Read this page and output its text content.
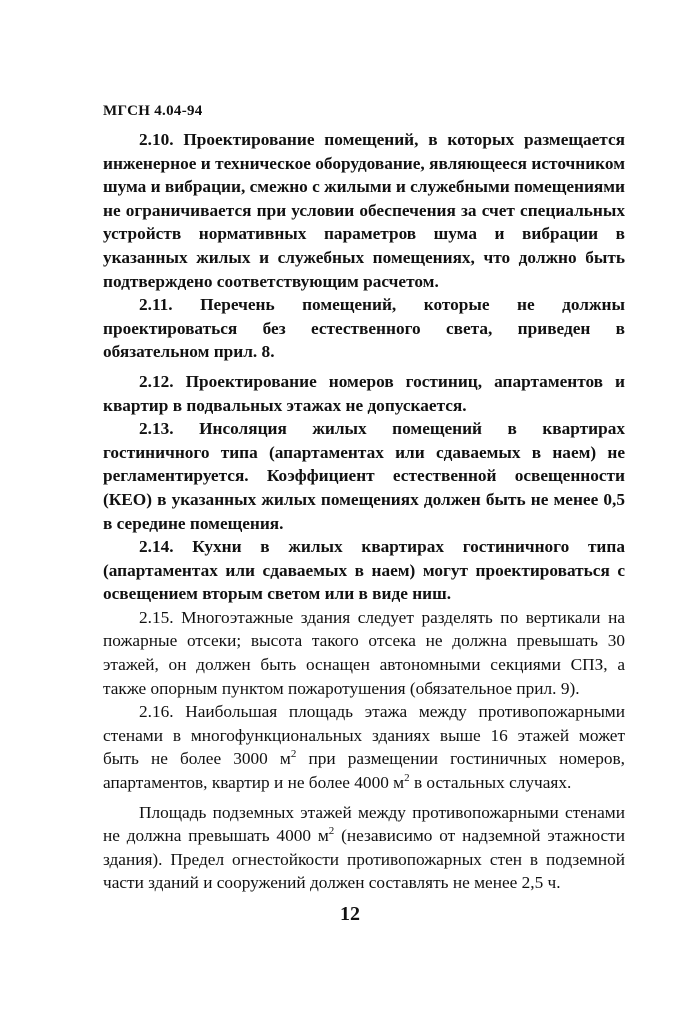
МГСН 4.04-94

2.10. Проектирование помещений, в которых размещается инженерное и техническое оборудование, являющееся источником шума и вибрации, смежно с жилыми и служебными помещениями не ограничивается при условии обеспечения за счет специальных устройств нормативных параметров шума и вибрации в указанных жилых и служебных помещениях, что должно быть подтверждено соответствующим расчетом.

2.11. Перечень помещений, которые не должны проектироваться без естественного света, приведен в обязательном прил. 8.

2.12. Проектирование номеров гостиниц, апартаментов и квартир в подвальных этажах не допускается.

2.13. Инсоляция жилых помещений в квартирах гостиничного типа (апартаментах или сдаваемых в наем) не регламентируется. Коэффициент естественной освещенности (КЕО) в указанных жилых помещениях должен быть не менее 0,5 в середине помещения.

2.14. Кухни в жилых квартирах гостиничного типа (апартаментах или сдаваемых в наем) могут проектироваться с освещением вторым светом или в виде ниш.

2.15. Многоэтажные здания следует разделять по вертикали на пожарные отсеки; высота такого отсека не должна превышать 30 этажей, он должен быть оснащен автономными секциями СПЗ, а также опорным пунктом пожаротушения (обязательное прил. 9).

2.16. Наибольшая площадь этажа между противопожарными стенами в многофункциональных зданиях выше 16 этажей может быть не более 3000 $м^2$ при размещении гостиничных номеров, апартаментов, квартир и не более 4000 $м^2$ в остальных случаях.

Площадь подземных этажей между противопожарными стенами не должна превышать 4000 $м^2$ (независимо от надземной этажности здания). Предел огнестойкости противопожарных стен в подземной части зданий и сооружений должен составлять не менее 2,5 ч.

12
